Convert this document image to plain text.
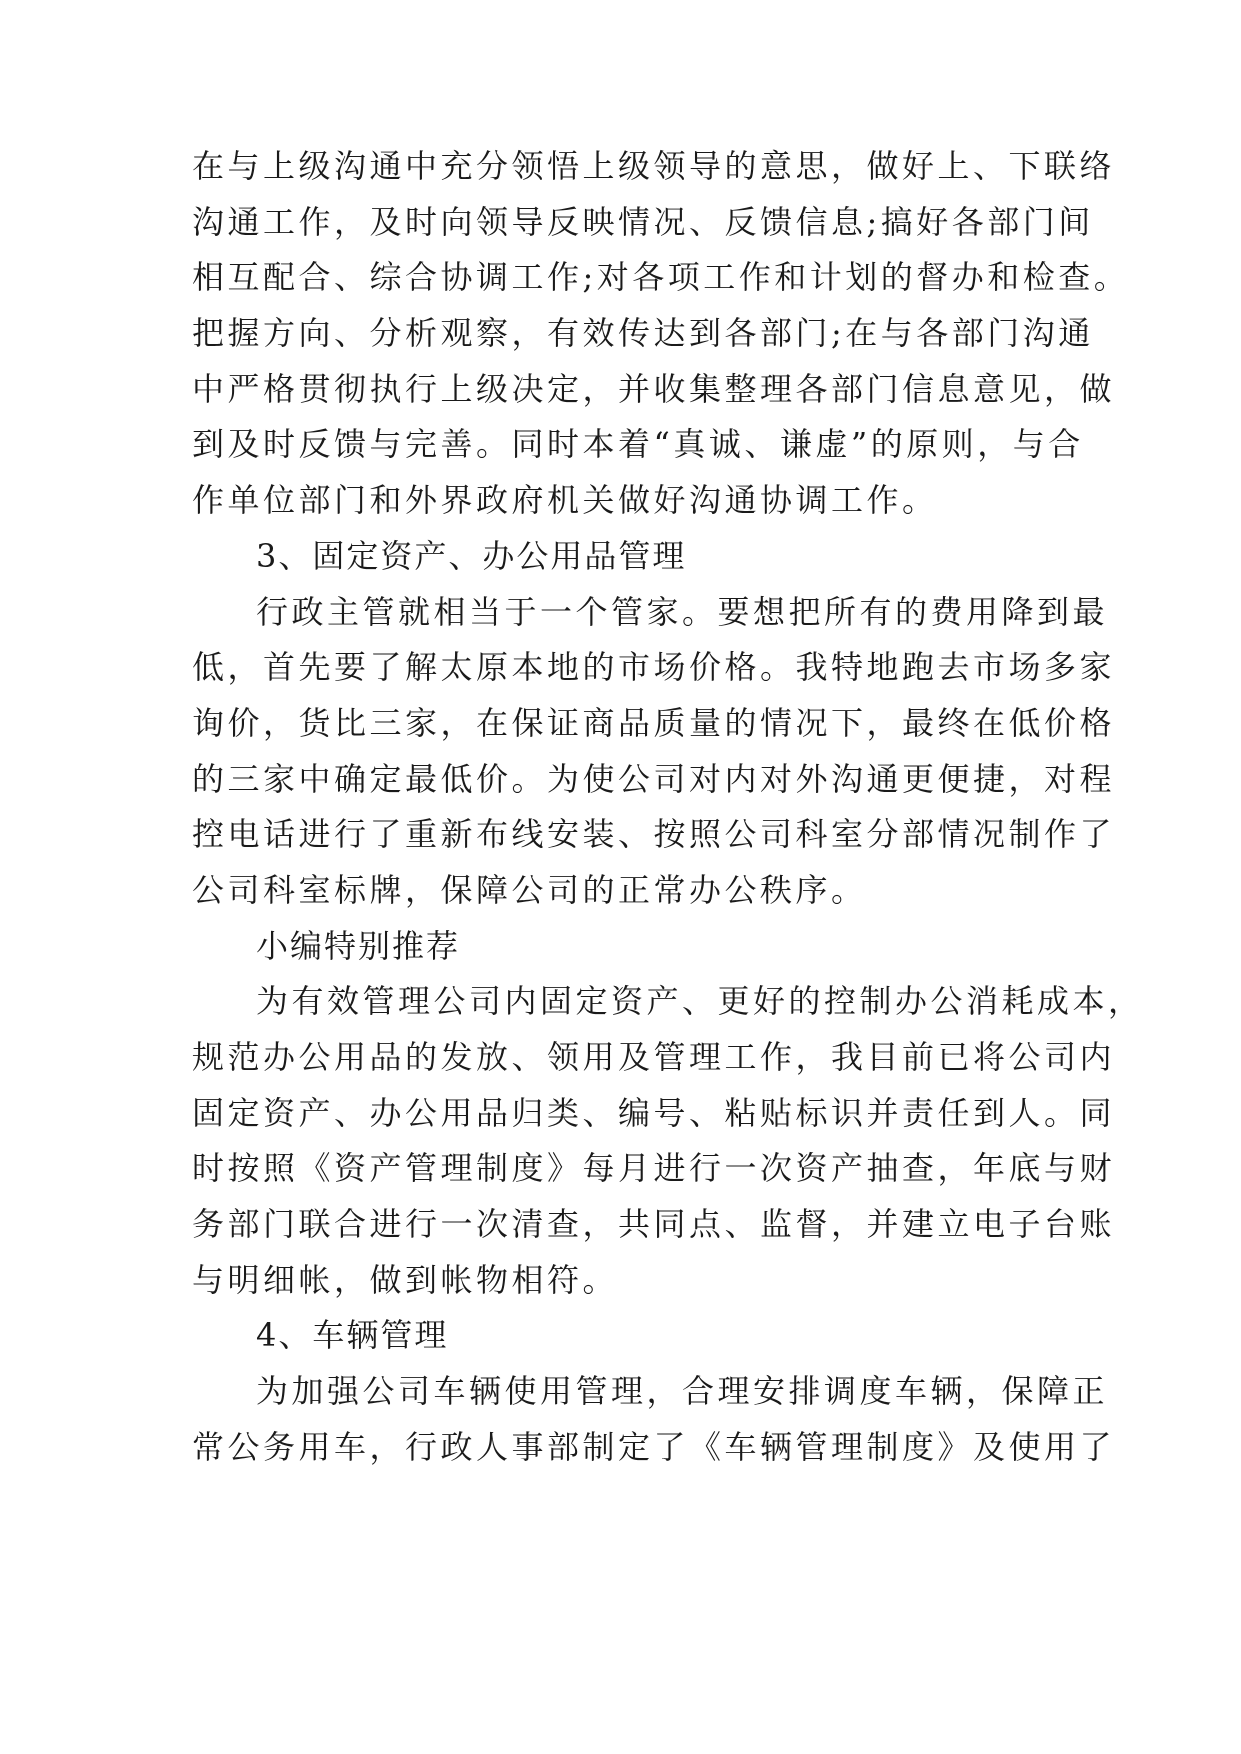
在与上级沟通中充分领悟上级领导的意思，做好上、下联络
沟通工作，及时向领导反映情况、反馈信息;搞好各部门间
相互配合、综合协调工作;对各项工作和计划的督办和检查。
把握方向、分析观察，有效传达到各部门;在与各部门沟通
中严格贯彻执行上级决定，并收集整理各部门信息意见，做
到及时反馈与完善。同时本着“真诚、谦虚”的原则，与合
作单位部门和外界政府机关做好沟通协调工作。
3、固定资产、办公用品管理
行政主管就相当于一个管家。要想把所有的费用降到最
低，首先要了解太原本地的市场价格。我特地跑去市场多家
询价，货比三家，在保证商品质量的情况下，最终在低价格
的三家中确定最低价。为使公司对内对外沟通更便捷，对程
控电话进行了重新布线安装、按照公司科室分部情况制作了
公司科室标牌，保障公司的正常办公秩序。
小编特别推荐
为有效管理公司内固定资产、更好的控制办公消耗成本，
规范办公用品的发放、领用及管理工作，我目前已将公司内
固定资产、办公用品归类、编号、粘贴标识并责任到人。同
时按照《资产管理制度》每月进行一次资产抽查，年底与财
务部门联合进行一次清查，共同点、监督，并建立电子台账
与明细帐，做到帐物相符。
4、车辆管理
为加强公司车辆使用管理，合理安排调度车辆，保障正
常公务用车，行政人事部制定了《车辆管理制度》及使用了
